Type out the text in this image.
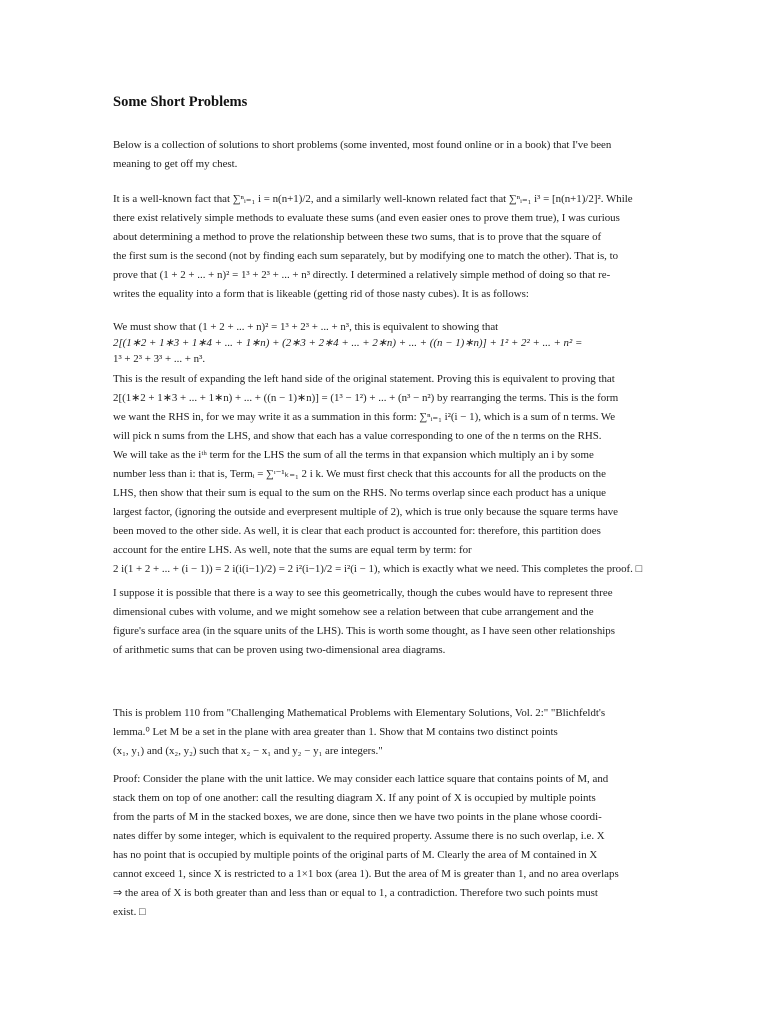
Some Short Problems
Below is a collection of solutions to short problems (some invented, most found online or in a book) that I've been
meaning to get off my chest.
It is a well-known fact that ∑ⁿᵢ₌₁ i = n(n+1)/2, and a similarly well-known related fact that ∑ⁿᵢ₌₁ i³ = [n(n+1)/2]². While
there exist relatively simple methods to evaluate these sums (and even easier ones to prove them true), I was curious
about determining a method to prove the relationship between these two sums, that is to prove that the square of
the first sum is the second (not by finding each sum separately, but by modifying one to match the other). That is, to
prove that (1 + 2 + ... + n)² = 1³ + 2³ + ... + n³ directly. I determined a relatively simple method of doing so that re-
writes the equality into a form that is likeable (getting rid of those nasty cubes). It is as follows:
We must show that (1 + 2 + ... + n)² = 1³ + 2³ + ... + n³, this is equivalent to showing that
2[(1∗2 + 1∗3 + 1∗4 + ... + 1∗n) + (2∗3 + 2∗4 + ... + 2∗n) + ... + ((n − 1)∗n)] + 1² + 2² + ... + n² =
1³ + 2³ + 3³ + ... + n³.
This is the result of expanding the left hand side of the original statement. Proving this is equivalent to proving that
2[(1∗2 + 1∗3 + ... + 1∗n) + ... + ((n − 1)∗n)] = (1³ − 1²) + ... + (n³ − n²) by rearranging the terms. This is the form
we want the RHS in, for we may write it as a summation in this form: ∑ⁿᵢ₌₁ i²(i − 1), which is a sum of n terms. We
will pick n sums from the LHS, and show that each has a value corresponding to one of the n terms on the RHS.
We will take as the iᵗʰ term for the LHS the sum of all the terms in that expansion which multiply an i by some
number less than i: that is, Termᵢ = ∑ᶦ⁻¹ₖ₌₁ 2 i k. We must first check that this accounts for all the products on the
LHS, then show that their sum is equal to the sum on the RHS. No terms overlap since each product has a unique
largest factor, (ignoring the outside and everpresent multiple of 2), which is true only because the square terms have
been moved to the other side. As well, it is clear that each product is accounted for: therefore, this partition does
account for the entire LHS. As well, note that the sums are equal term by term: for
2 i(1 + 2 + ... + (i − 1)) = 2 i(i(i−1)/2) = 2 i²(i−1)/2 = i²(i − 1), which is exactly what we need. This completes the proof. □
I suppose it is possible that there is a way to see this geometrically, though the cubes would have to represent three
dimensional cubes with volume, and we might somehow see a relation between that cube arrangement and the
figure's surface area (in the square units of the LHS). This is worth some thought, as I have seen other relationships
of arithmetic sums that can be proven using two-dimensional area diagrams.
This is problem 110 from "Challenging Mathematical Problems with Elementary Solutions, Vol. 2:" "Blichfeldt's
lemma.⁰ Let M be a set in the plane with area greater than 1. Show that M contains two distinct points
(x₁, y₁) and (x₂, y₂) such that x₂ − x₁ and y₂ − y₁ are integers."
Proof: Consider the plane with the unit lattice. We may consider each lattice square that contains points of M, and
stack them on top of one another: call the resulting diagram X. If any point of X is occupied by multiple points
from the parts of M in the stacked boxes, we are done, since then we have two points in the plane whose coordi-
nates differ by some integer, which is equivalent to the required property. Assume there is no such overlap, i.e. X
has no point that is occupied by multiple points of the original parts of M. Clearly the area of M contained in X
cannot exceed 1, since X is restricted to a 1×1 box (area 1). But the area of M is greater than 1, and no area overlaps
⇒ the area of X is both greater than and less than or equal to 1, a contradiction. Therefore two such points must
exist. □
